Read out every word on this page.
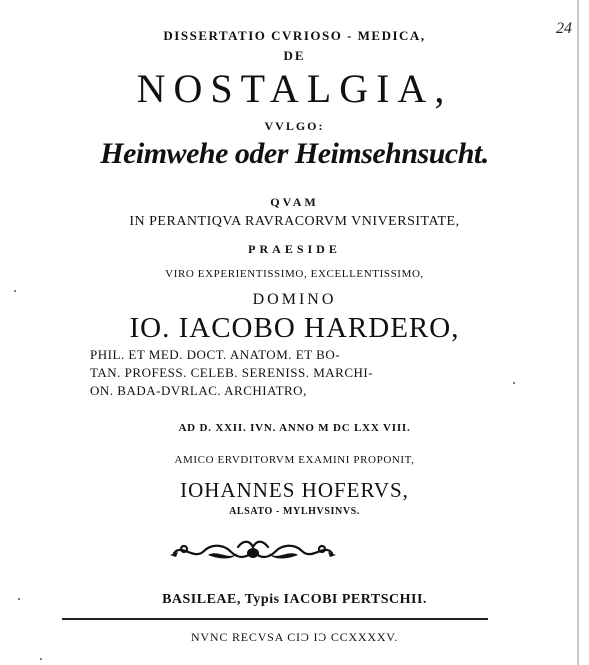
24
DISSERTATIO CVRIOSO - MEDICA,
DE
NOSTALGIA,
VVLGO:
Heimwehe oder Heimsehnsucht.
QVAM
IN PERANTIQVA RAVRACORVM VNIVERSITATE,
PRAESIDE
VIRO EXPERIENTISSIMO, EXCELLENTISSIMO,
DOMINO
IO. IACOBO HARDERO,
PHIL. ET MED. DOCT. ANATOM. ET BO-
TAN. PROFESS. CELEB. SERENISS. MARCHI-
ON. BADA-DVRLAC. ARCHIATRO,
AD D. XXII. IVN. ANNO M DC LXX VIII.
AMICO ERVDITORVM EXAMINI PROPONIT,
IOHANNES HOFERVS,
ALSATO - MYLHVSINVS.
BASILEAE, Typis IACOBI PERTSCHII.
NVNC RECVSA CIϽ IϽ CCXXXXV.
